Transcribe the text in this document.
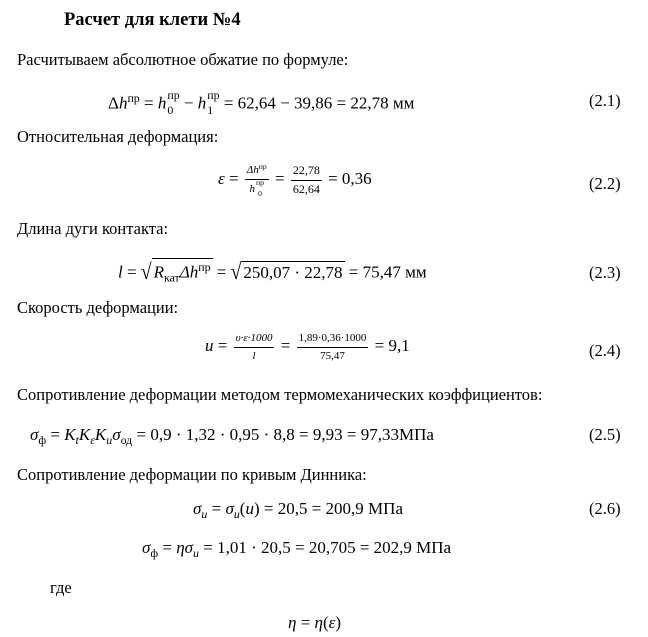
Расчет для клети №4
Расчитываем абсолютное обжатие по формуле:
$\Delta h^{пр} = h$ пр
0 − h пр
1 = 62,64 − 39,86 = 22,78 мм	(2.1)
Относительная деформация:
$\varepsilon = \Delta h^{пр}$
h
пр
$0 = \frac{22,78}{62,64} = 0,36$	(2.2)
Длина дуги контакта:
l = √ $R_{кат}\Delta h^{пр}$ = √ 250,07 · 22,78 = 75,47 мм	(2.3)
Скорость деформации:
$u = \frac{\upsilon\cdot\varepsilon\cdot 1000}{l} = \frac{1,89\cdot 0,36\cdot 1000}{75,47} = 9,1$	(2.4)
Сопротивление деформации методом термомеханических коэффициентов:
$\sigma_ф = K_tK_\varepsilon K_u\sigma_{од} = 0,9 \cdot 1,32 \cdot 0,95 \cdot 8,8 = 9,93 = 97,33МПа$	(2.5)
Сопротивление деформации по кривым Динника:
$\sigma_u = \sigma_u(u) = 20,5 = 200,9$ МПа	(2.6)
$\sigma_ф = \eta\sigma_u = 1,01 \cdot 20,5 = 20,705 = 202,9$ МПа
где
η = η(ε)
